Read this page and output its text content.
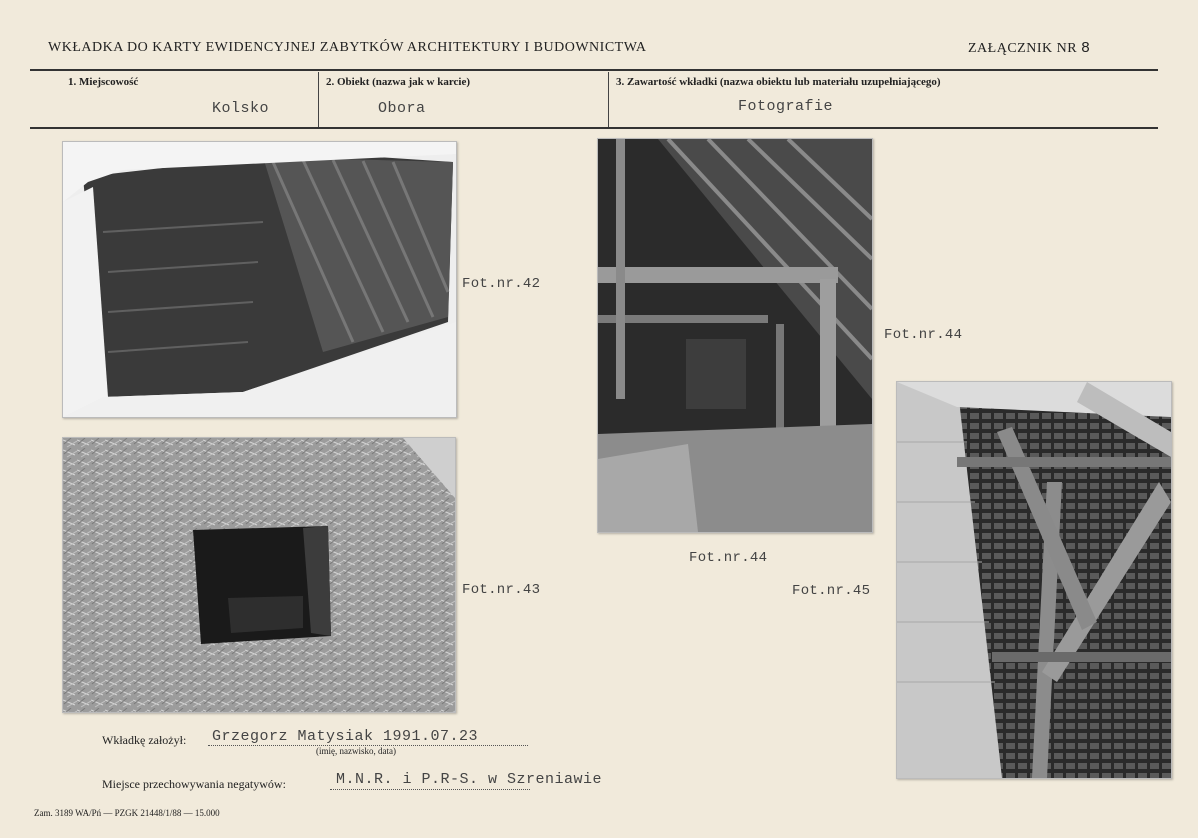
WKŁADKA DO KARTY EWIDENCYJNEJ ZABYTKÓW ARCHITEKTURY I BUDOWNICTWA	ZAŁĄCZNIK NR 8
1. Miejscowość
Kolsko
2. Obiekt (nazwa jak w karcie)
Obora
3. Zawartość wkładki (nazwa obiektu lub materiału uzupełniającego)
Fotografie
Fot.nr.42
Fot.nr.43
Fot.nr.44
Fot.nr.44
Fot.nr.45
Wkładkę założył: Grzegorz Matysiak 1991.07.23
(imię, nazwisko, data)
Miejsce przechowywania negatywów:	M.N.R. i P.R-S. w Szreniawie
Zam. 3189 WA/Pń — PZGK 21448/1/88 — 15.000
